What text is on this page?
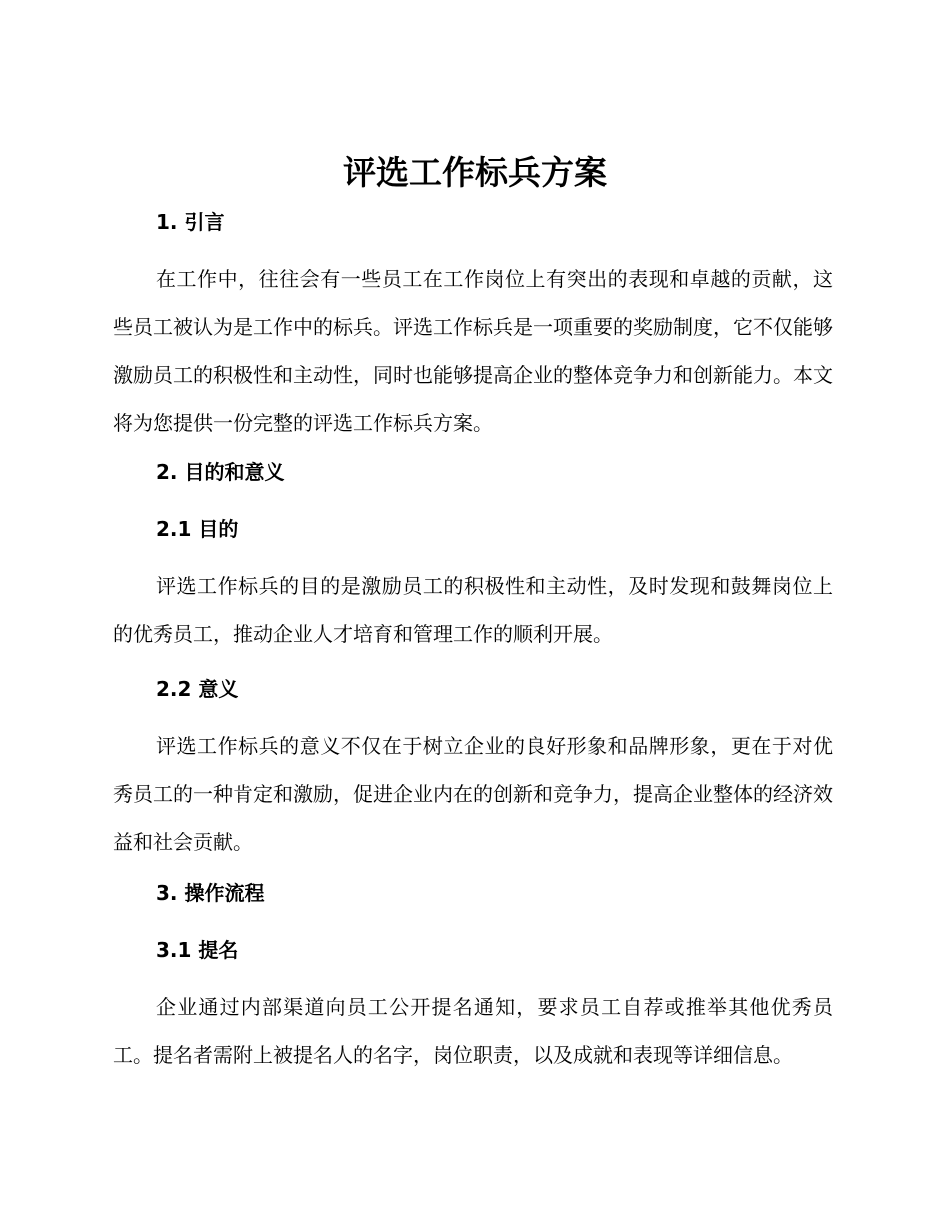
评选工作标兵方案
1. 引言

在工作中，往往会有一些员工在工作岗位上有突出的表现和卓越的贡献，这些员工被认为是工作中的标兵。评选工作标兵是一项重要的奖励制度，它不仅能够激励员工的积极性和主动性，同时也能够提高企业的整体竞争力和创新能力。本文将为您提供一份完整的评选工作标兵方案。

2. 目的和意义
2.1 目的

评选工作标兵的目的是激励员工的积极性和主动性，及时发现和鼓舞岗位上的优秀员工，推动企业人才培育和管理工作的顺利开展。

2.2 意义

评选工作标兵的意义不仅在于树立企业的良好形象和品牌形象，更在于对优秀员工的一种肯定和激励，促进企业内在的创新和竞争力，提高企业整体的经济效益和社会贡献。

3. 操作流程
3.1 提名

企业通过内部渠道向员工公开提名通知，要求员工自荐或推举其他优秀员工。提名者需附上被提名人的名字，岗位职责，以及成就和表现等详细信息。
